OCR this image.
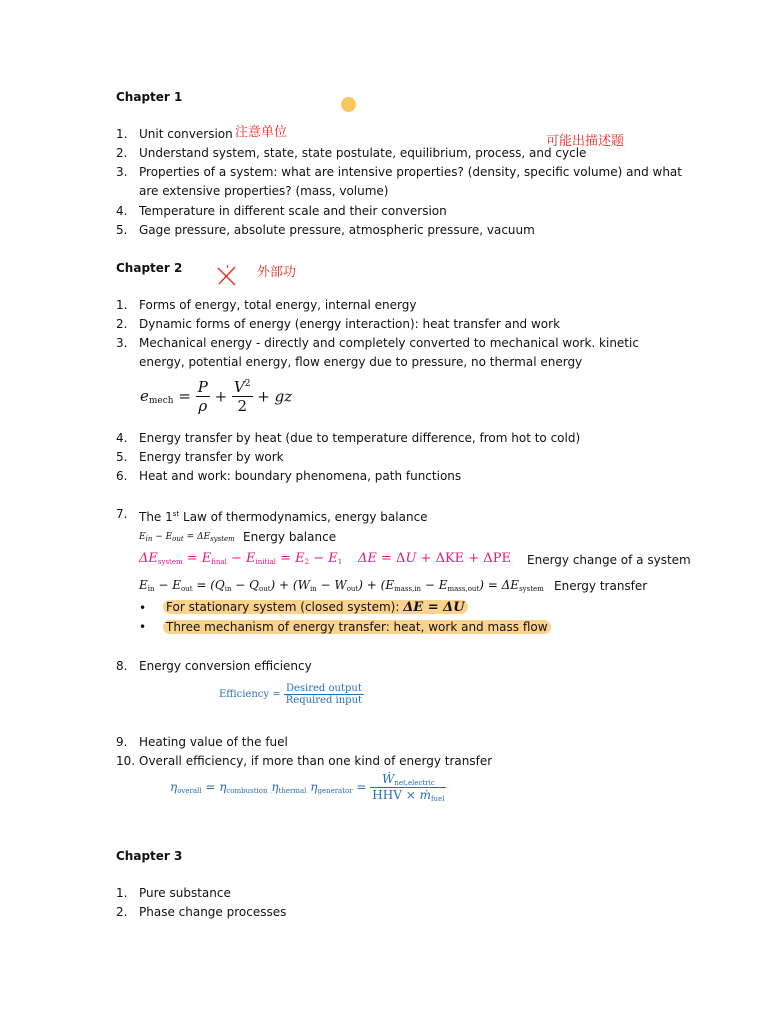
Chapter 1
1. Unit conversion 注意单位
可能出描述题
2. Understand system, state, state postulate, equilibrium, process, and cycle
3. Properties of a system: what are intensive properties? (density, specific volume) and what
are extensive properties? (mass, volume)
4. Temperature in different scale and their conversion
5. Gage pressure, absolute pressure, atmospheric pressure, vacuum
Chapter 2	外部功
1. Forms of energy, total energy, internal energy
2. Dynamic forms of energy (energy interaction): heat transfer and work
3. Mechanical energy - directly and completely converted to mechanical work. kinetic
energy, potential energy, flow energy due to pressure, no thermal energy
$e_{mech} = \frac{P}{\rho} + \frac{V^2}{2}$ + gz
4. Energy transfer by heat (due to temperature difference, from hot to cold)
5. Energy transfer by work
6. Heat and work: boundary phenomena, path functions
7. The 1st Law of thermodynamics, energy balance
$E_{in} - E_{out} = \Delta E_{system}$ Energy balance
$\Delta E_{system} = E_{final} - E_{initial} = E_2 - E_1$ ΔE = ΔU + ΔKE + ΔPE Energy change of a system
$E_{in} - E_{out} = (Q_{in} - Q_{out}) + (W_{in} - W_{out}) + (E_{mass,in} - E_{mass,out}) = \Delta E_{system}$ Energy transfer
• For stationary system (closed system): ΔE = ΔU
• Three mechanism of energy transfer: heat, work and mass flow
8. Energy conversion efficiency
Efficiency = $\frac{\text{Desired output}}{\text{Required input}}$
9. Heating value of the fuel
10. Overall efficiency, if more than one kind of energy transfer
$\eta_{overall} = \eta_{combustion}$ $\eta_{thermal}$ $\eta_{generator} = \frac{Ẇ_{net,electric}}{HHV \times ṁ_{fuel}}$
Chapter 3
1. Pure substance
2. Phase change processes
